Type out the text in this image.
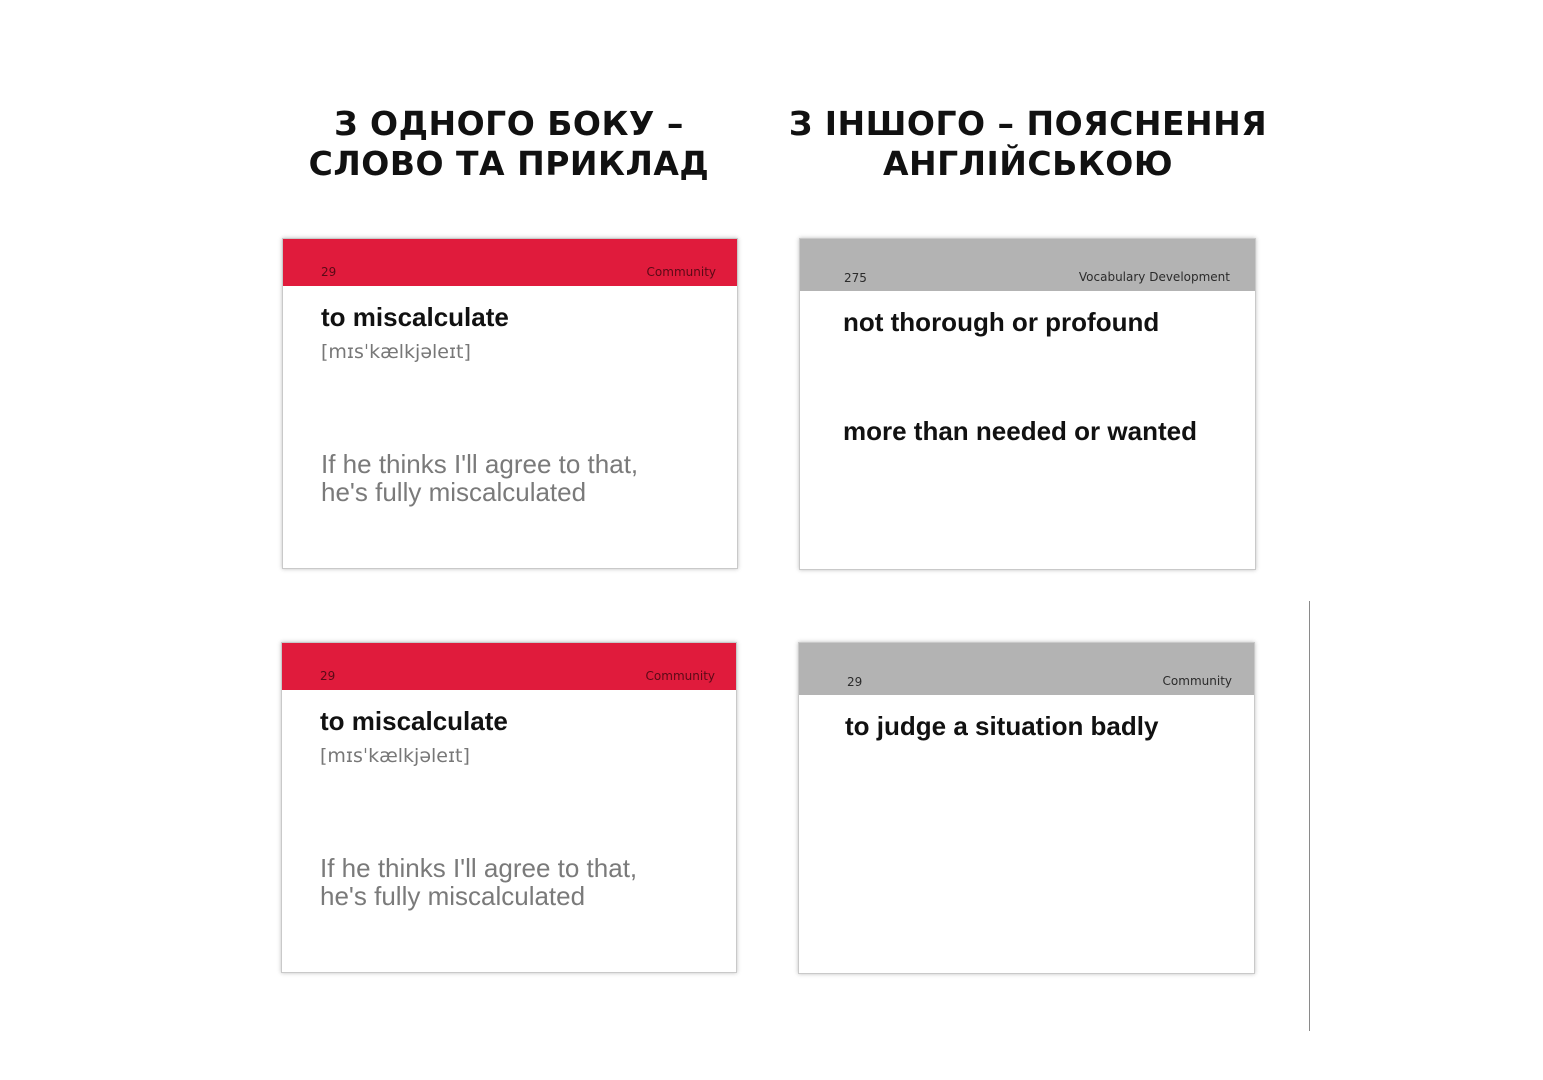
З ОДНОГО БОКУ –
СЛОВО ТА ПРИКЛАД
З ІНШОГО – ПОЯСНЕННЯ
АНГЛІЙСЬКОЮ
29	Community
to miscalculate
[mɪsˈkælkjəleɪt]
If he thinks I'll agree to that,
he's fully miscalculated
275	Vocabulary Development
not thorough or profound
more than needed or wanted
29	Community
to miscalculate
[mɪsˈkælkjəleɪt]
If he thinks I'll agree to that,
he's fully miscalculated
29	Community
to judge a situation badly
